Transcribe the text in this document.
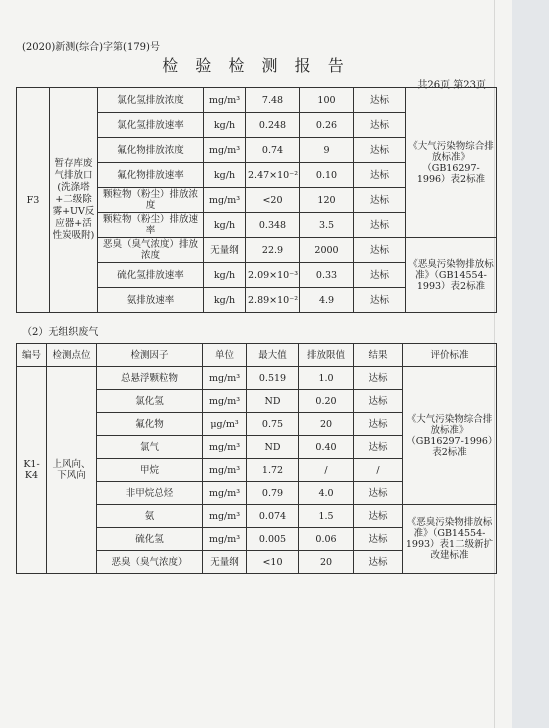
(2020)新测(综合)字第(179)号
检 验 检 测 报 告
共26页 第23页
F3	暂存库废气排放口(洗涤塔+二级除雾+UV反应器+活性炭吸附)	氯化氢排放浓度	mg/m³	7.48	100	达标	《大气污染物综合排放标准》（GB16297-1996）表2标准
		氯化氢排放速率	kg/h	0.248	0.26	达标	
		氟化物排放浓度	mg/m³	0.74	9	达标	
		氟化物排放速率	kg/h	2.47×10⁻²	0.10	达标	
		颗粒物（粉尘）排放浓度	mg/m³	<20	120	达标	
		颗粒物（粉尘）排放速率	kg/h	0.348	3.5	达标	
		恶臭（臭气浓度）排放浓度	无量纲	22.9	2000	达标	《恶臭污染物排放标准》（GB14554-1993）表2标准
		硫化氢排放速率	kg/h	2.09×10⁻³	0.33	达标	
		氨排放速率	kg/h	2.89×10⁻²	4.9	达标	
（2）无组织废气
编号	检测点位	检测因子	单位	最大值	排放限值	结果	评价标准
K1-K4	上风向、下风向	总悬浮颗粒物	mg/m³	0.519	1.0	达标	《大气污染物综合排放标准》（GB16297-1996）表2标准
		氯化氢	mg/m³	ND	0.20	达标	
		氟化物	μg/m³	0.75	20	达标	
		氯气	mg/m³	ND	0.40	达标	
		甲烷	mg/m³	1.72	/	/	
		非甲烷总烃	mg/m³	0.79	4.0	达标	
		氨	mg/m³	0.074	1.5	达标	《恶臭污染物排放标准》（GB14554-1993）表1二级新扩改建标准
		硫化氢	mg/m³	0.005	0.06	达标	
		恶臭（臭气浓度）	无量纲	<10	20	达标	
